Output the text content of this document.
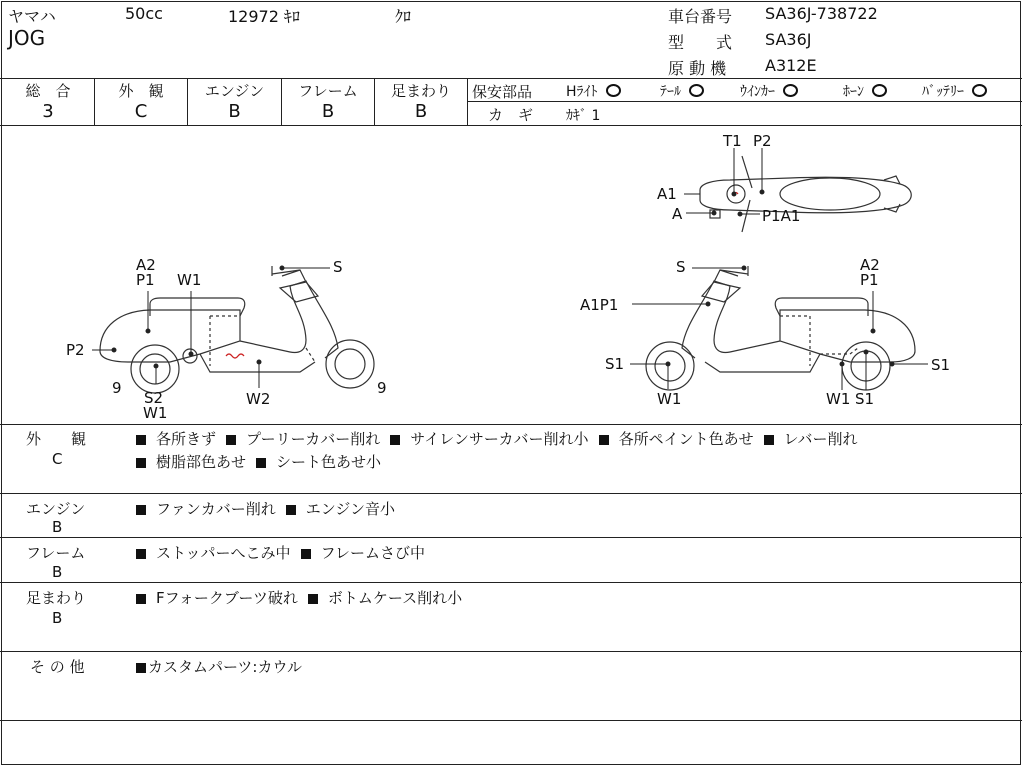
ヤマハ	50cc	12972 ｷﾛ	ｸﾛ
JOG
車台番号 SA36J-738722
型　　式 SA36J
原 動 機 A312E
総　合
3
外　観
C
エンジン
B
フレーム
B
足まわり
B
保安部品 Hﾗｲﾄ	ﾃｰﾙ	ｳｲﾝｶｰ	ﾎｰﾝ	ﾊﾞｯﾃﾘｰ
カ　ギ ｶｷﾞ 1
A2
P1 W1
S
P2
9
S2
W1
W2
9
S	A2
P1
A1P1
S1	S1
W1	W1 S1
T1 P2
A1
A	P1A1
外　　観
C
各所きず プーリーカバー削れ サイレンサーカバー削れ小 各所ペイント色あせ レバー削れ
樹脂部色あせ シート色あせ小
エンジン
B
ファンカバー削れ エンジン音小
フレーム
B
ストッパーへこみ中 フレームさび中
足まわり
B
Fフォークブーツ破れ ボトムケース削れ小
そ の 他	カスタムパーツ:カウル
